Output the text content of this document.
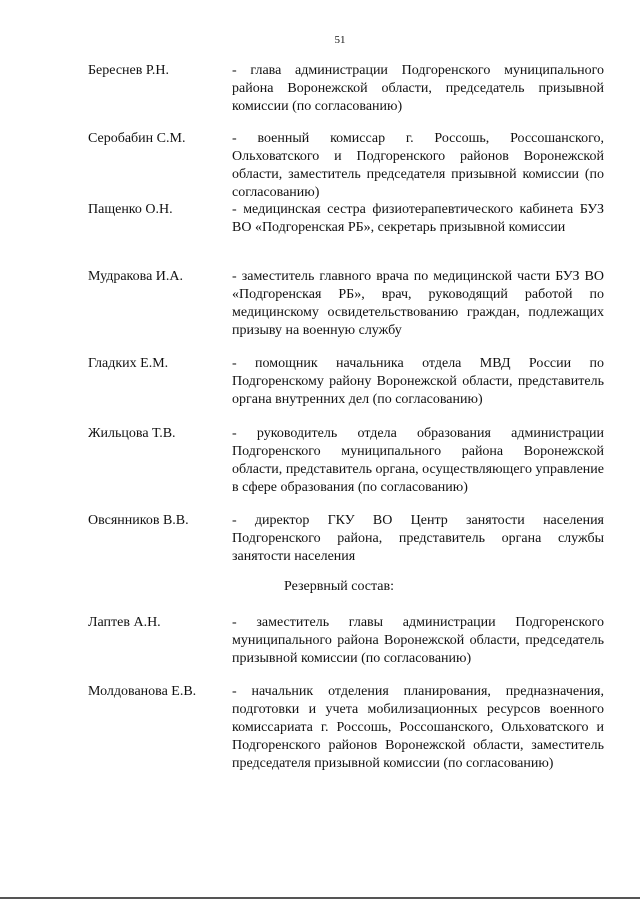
51
Береснев Р.Н.	- глава администрации Подгоренского муниципального района Воронежской области, председатель призывной комиссии (по согласованию)
Серобабин С.М.	- военный комиссар г. Россошь, Россошанского, Ольховатского и Подгоренского районов Воронежской области, заместитель председателя призывной комиссии (по согласованию)
Пащенко О.Н.	- медицинская сестра физиотерапевтического кабинета БУЗ ВО «Подгоренская РБ», секретарь призывной комиссии
Мудракова И.А.	- заместитель главного врача по медицинской части БУЗ ВО «Подгоренская РБ», врач, руководящий работой по медицинскому освидетельствованию граждан, подлежащих призыву на военную службу
Гладких Е.М.	- помощник начальника отдела МВД России по Подгоренскому району Воронежской области, представитель органа внутренних дел (по согласованию)
Жильцова Т.В.	- руководитель отдела образования администрации Подгоренского муниципального района Воронежской области, представитель органа, осуществляющего управление в сфере образования (по согласованию)
Овсянников В.В.	- директор ГКУ ВО Центр занятости населения Подгоренского района, представитель органа службы занятости населения
Резервный состав:
Лаптев А.Н.	- заместитель главы администрации Подгоренского муниципального района Воронежской области, председатель призывной комиссии (по согласованию)
Молдованова Е.В.	- начальник отделения планирования, предназначения, подготовки и учета мобилизационных ресурсов военного комиссариата г. Россошь, Россошанского, Ольховатского и Подгоренского районов Воронежской области, заместитель председателя призывной комиссии (по согласованию)
